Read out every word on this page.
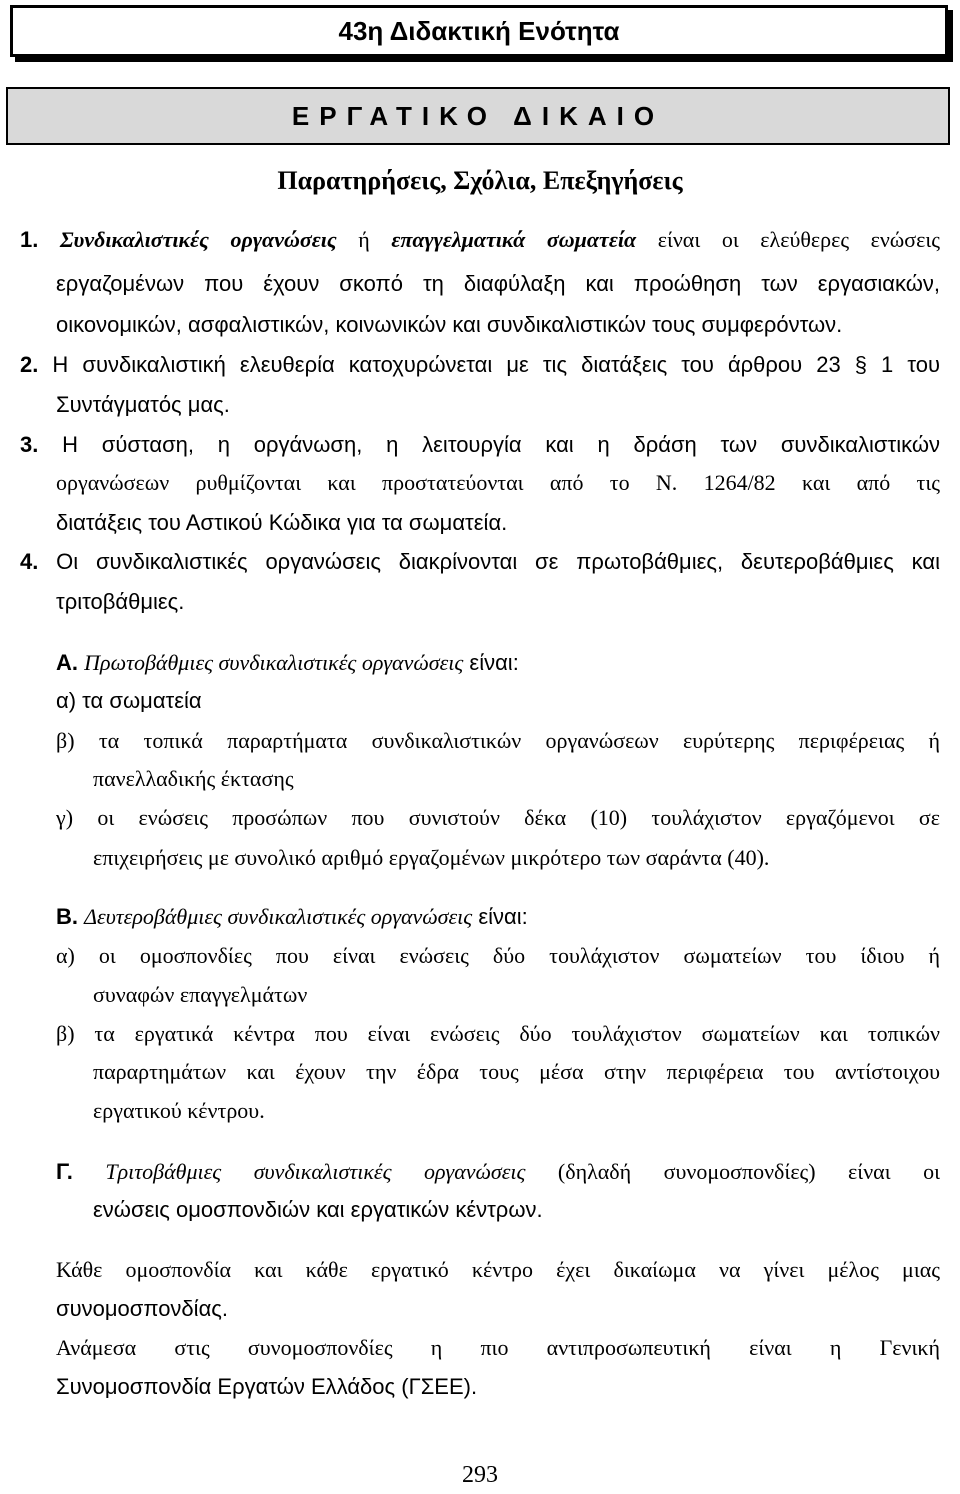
43η Διδακτική Ενότητα
ΕΡΓΑΤΙΚΟ ΔΙΚΑΙΟ
Παρατηρήσεις, Σχόλια, Επεξηγήσεις
1. Συνδικαλιστικές οργανώσεις ή επαγγελματικά σωματεία είναι οι ελεύθερες ενώσεις
εργαζομένων που έχουν σκοπό τη διαφύλαξη και προώθηση των εργασιακών,
οικονομικών, ασφαλιστικών, κοινωνικών και συνδικαλιστικών τους συμφερόντων.
2. Η συνδικαλιστική ελευθερία κατοχυρώνεται με τις διατάξεις του άρθρου 23 § 1 του
Συντάγματός μας.
3. Η σύσταση, η οργάνωση, η λειτουργία και η δράση των συνδικαλιστικών
οργανώσεων ρυθμίζονται και προστατεύονται από το Ν. 1264/82 και από τις
διατάξεις του Αστικού Κώδικα για τα σωματεία.
4. Οι συνδικαλιστικές οργανώσεις διακρίνονται σε πρωτοβάθμιες, δευτεροβάθμιες και
τριτοβάθμιες.
Α. Πρωτοβάθμιες συνδικαλιστικές οργανώσεις είναι:
α) τα σωματεία
β) τα τοπικά παραρτήματα συνδικαλιστικών οργανώσεων ευρύτερης περιφέρειας ή
πανελλαδικής έκτασης
γ) οι ενώσεις προσώπων που συνιστούν δέκα (10) τουλάχιστον εργαζόμενοι σε
επιχειρήσεις με συνολικό αριθμό εργαζομένων μικρότερο των σαράντα (40).
Β. Δευτεροβάθμιες συνδικαλιστικές οργανώσεις είναι:
α) οι ομοσπονδίες που είναι ενώσεις δύο τουλάχιστον σωματείων του ίδιου ή
συναφών επαγγελμάτων
β) τα εργατικά κέντρα που είναι ενώσεις δύο τουλάχιστον σωματείων και τοπικών
παραρτημάτων και έχουν την έδρα τους μέσα στην περιφέρεια του αντίστοιχου
εργατικού κέντρου.
Γ. Τριτοβάθμιες συνδικαλιστικές οργανώσεις (δηλαδή συνομοσπονδίες) είναι οι
ενώσεις ομοσπονδιών και εργατικών κέντρων.
Κάθε ομοσπονδία και κάθε εργατικό κέντρο έχει δικαίωμα να γίνει μέλος μιας
συνομοσπονδίας.
Ανάμεσα στις συνομοσπονδίες η πιο αντιπροσωπευτική είναι η Γενική
Συνομοσπονδία Εργατών Ελλάδος (ΓΣΕΕ).
293
